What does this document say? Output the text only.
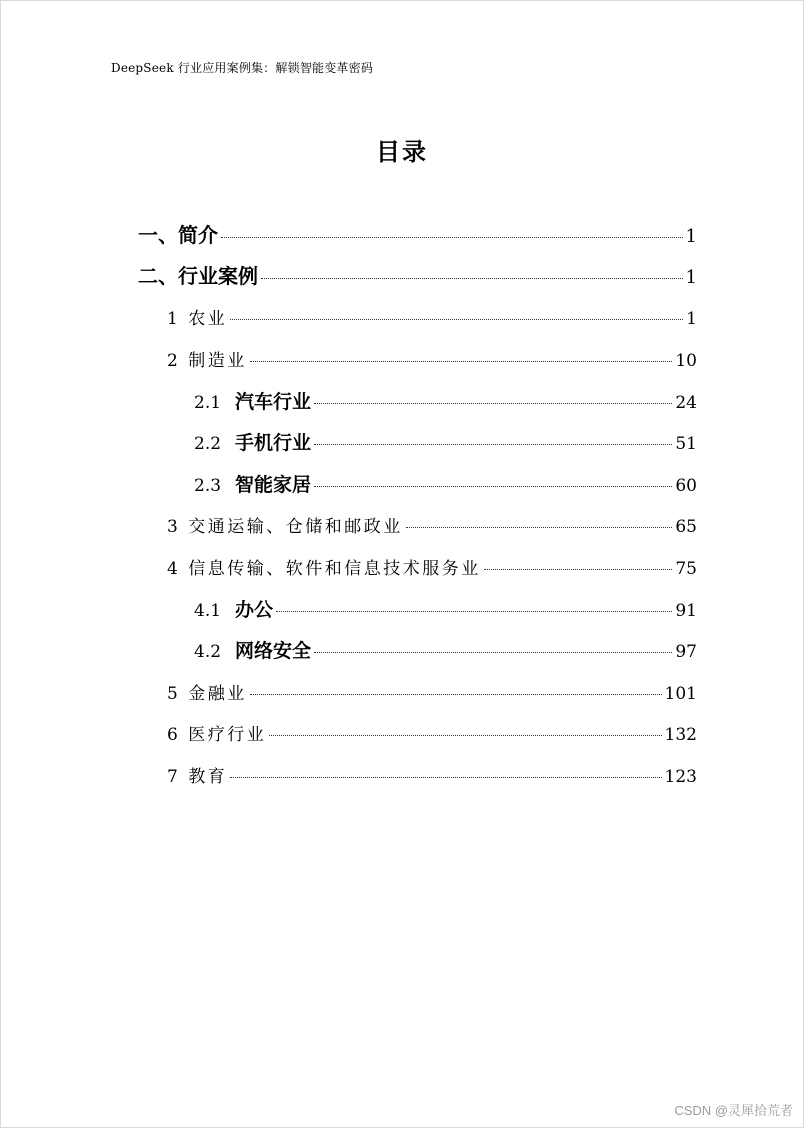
DeepSeek 行业应用案例集：解锁智能变革密码
目录
一、简介	1
二、行业案例	1
1 农业	1
2 制造业	10
2.1 汽车行业	24
2.2 手机行业	51
2.3 智能家居	60
3 交通运输、仓储和邮政业	65
4 信息传输、软件和信息技术服务业	75
4.1 办公	91
4.2 网络安全	97
5 金融业	101
6 医疗行业	132
7 教育	123
CSDN @灵犀拾荒者
